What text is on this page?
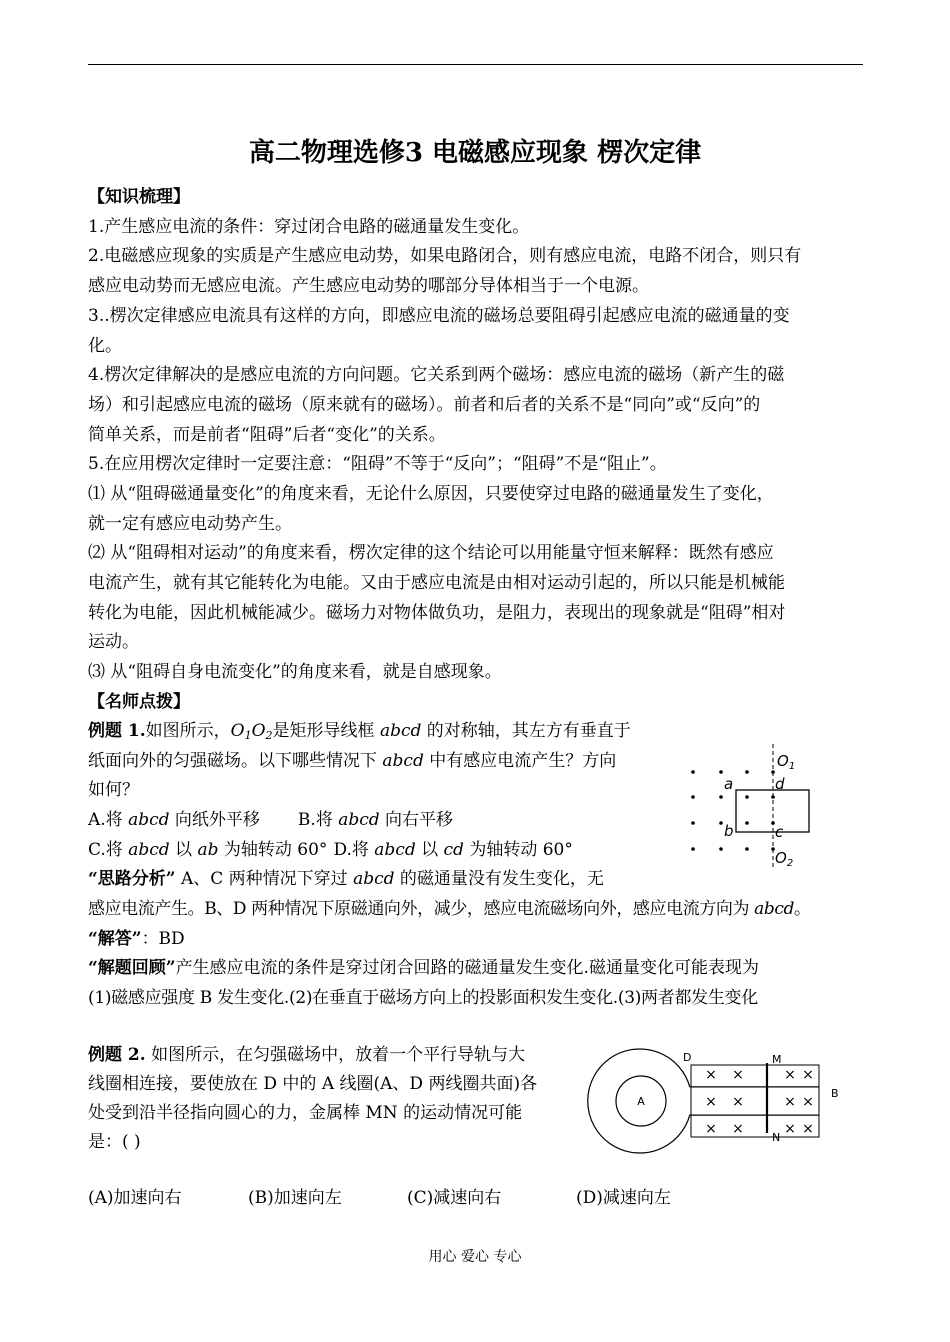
高二物理选修3 电磁感应现象 楞次定律
【知识梳理】
1.产生感应电流的条件：穿过闭合电路的磁通量发生变化。
2.电磁感应现象的实质是产生感应电动势，如果电路闭合，则有感应电流，电路不闭合，则只有
感应电动势而无感应电流。产生感应电动势的哪部分导体相当于一个电源。
3..楞次定律感应电流具有这样的方向，即感应电流的磁场总要阻碍引起感应电流的磁通量的变
化。
4.楞次定律解决的是感应电流的方向问题。它关系到两个磁场：感应电流的磁场（新产生的磁
场）和引起感应电流的磁场（原来就有的磁场）。前者和后者的关系不是“同向”或“反向”的
简单关系，而是前者“阻碍”后者“变化”的关系。
5.在应用楞次定律时一定要注意：“阻碍”不等于“反向”；“阻碍”不是“阻止”。
⑴ 从“阻碍磁通量变化”的角度来看，无论什么原因，只要使穿过电路的磁通量发生了变化，
就一定有感应电动势产生。
⑵ 从“阻碍相对运动”的角度来看，楞次定律的这个结论可以用能量守恒来解释：既然有感应
电流产生，就有其它能转化为电能。又由于感应电流是由相对运动引起的，所以只能是机械能
转化为电能，因此机械能减少。磁场力对物体做负功，是阻力，表现出的现象就是“阻碍”相对
运动。
⑶ 从“阻碍自身电流变化”的角度来看，就是自感现象。
【名师点拨】
例题 1.如图所示，$O_1O_2$是矩形导线框 abcd 的对称轴，其左方有垂直于
纸面向外的匀强磁场。以下哪些情况下 abcd 中有感应电流产生？方向
如何？
A.将 abcd 向纸外平移 B.将 abcd 向右平移
C.将 abcd 以 ab 为轴转动 60° D.将 abcd 以 cd 为轴转动 60°
“思路分析” A、C 两种情况下穿过 abcd 的磁通量没有发生变化，无
感应电流产生。B、D 两种情况下原磁通向外，减少，感应电流磁场向外，感应电流方向为 abcd。
“解答”：BD
“解题回顾”产生感应电流的条件是穿过闭合回路的磁通量发生变化.磁通量变化可能表现为
(1)磁感应强度 B 发生变化.(2)在垂直于磁场方向上的投影面积发生变化.(3)两者都发生变化
$O_1$
$O_2$
a
b	c
d
例题 2. 如图所示，在匀强磁场中，放着一个平行导轨与大
线圈相连接，要使放在 D 中的 A 线圈(A、D 两线圈共面)各
处受到沿半径指向圆心的力，金属棒 MN 的运动情况可能
是：( )
(A)加速向右	(B)加速向左	(C)减速向右	(D)减速向左
× ×	× ×
× ×	× ×
× ×	× ×
A
D	M
N
B
用心 爱心 专心
